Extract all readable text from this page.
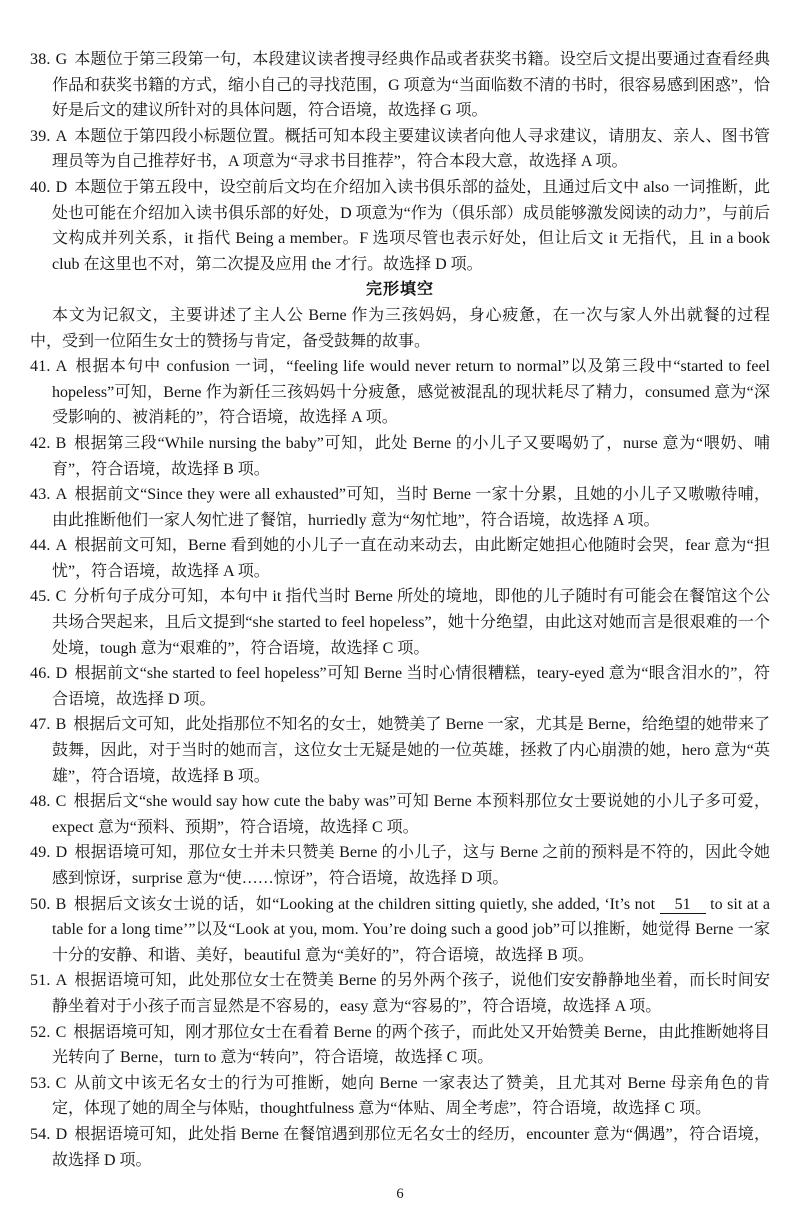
38. G 本题位于第三段第一句，本段建议读者搜寻经典作品或者获奖书籍。设空后文提出要通过查看经典作品和获奖书籍的方式，缩小自己的寻找范围，G 项意为“当面临数不清的书时，很容易感到困惑”，恰好是后文的建议所针对的具体问题，符合语境，故选择 G 项。
39. A 本题位于第四段小标题位置。概括可知本段主要建议读者向他人寻求建议，请朋友、亲人、图书管理员等为自己推荐好书，A 项意为“寻求书目推荐”，符合本段大意，故选择 A 项。
40. D 本题位于第五段中，设空前后文均在介绍加入读书俱乐部的益处，且通过后文中 also 一词推断，此处也可能在介绍加入读书俱乐部的好处，D 项意为“作为（俱乐部）成员能够激发阅读的动力”，与前后文构成并列关系，it 指代 Being a member。F 选项尽管也表示好处，但让后文 it 无指代，且 in a book club 在这里也不对，第二次提及应用 the 才行。故选择 D 项。
完形填空
本文为记叙文，主要讲述了主人公 Berne 作为三孩妈妈，身心疲惫，在一次与家人外出就餐的过程中，受到一位陌生女士的赞扬与肯定，备受鼓舞的故事。
41. A 根据本句中 confusion 一词，“feeling life would never return to normal”以及第三段中“started to feel hopeless”可知，Berne 作为新任三孩妈妈十分疲惫，感觉被混乱的现状耗尽了精力，consumed 意为“深受影响的、被消耗的”，符合语境，故选择 A 项。
42. B 根据第三段“While nursing the baby”可知，此处 Berne 的小儿子又要喝奶了，nurse 意为“喂奶、哺育”，符合语境，故选择 B 项。
43. A 根据前文“Since they were all exhausted”可知，当时 Berne 一家十分累，且她的小儿子又嗷嗷待哺，由此推断他们一家人匆忙进了餐馆，hurriedly 意为“匆忙地”，符合语境，故选择 A 项。
44. A 根据前文可知，Berne 看到她的小儿子一直在动来动去，由此断定她担心他随时会哭，fear 意为“担忧”，符合语境，故选择 A 项。
45. C 分析句子成分可知，本句中 it 指代当时 Berne 所处的境地，即他的儿子随时有可能会在餐馆这个公共场合哭起来，且后文提到“she started to feel hopeless”，她十分绝望，由此这对她而言是很艰难的一个处境，tough 意为“艰难的”，符合语境，故选择 C 项。
46. D 根据前文“she started to feel hopeless”可知 Berne 当时心情很糟糕，teary-eyed 意为“眼含泪水的”，符合语境，故选择 D 项。
47. B 根据后文可知，此处指那位不知名的女士，她赞美了 Berne 一家，尤其是 Berne，给绝望的她带来了鼓舞，因此，对于当时的她而言，这位女士无疑是她的一位英雄，拯救了内心崩溃的她，hero 意为“英雄”，符合语境，故选择 B 项。
48. C 根据后文“she would say how cute the baby was”可知 Berne 本预料那位女士要说她的小儿子多可爱，expect 意为“预料、预期”，符合语境，故选择 C 项。
49. D 根据语境可知，那位女士并未只赞美 Berne 的小儿子，这与 Berne 之前的预料是不符的，因此令她感到惊讶，surprise 意为“使……惊讶”，符合语境，故选择 D 项。
50. B 根据后文该女士说的话，如“Looking at the children sitting quietly, she added, ‘It’s not 51 to sit at a table for a long time’”以及“Look at you, mom. You’re doing such a good job”可以推断，她觉得 Berne 一家十分的安静、和谐、美好，beautiful 意为“美好的”，符合语境，故选择 B 项。
51. A 根据语境可知，此处那位女士在赞美 Berne 的另外两个孩子，说他们安安静静地坐着，而长时间安静坐着对于小孩子而言显然是不容易的，easy 意为“容易的”，符合语境，故选择 A 项。
52. C 根据语境可知，刚才那位女士在看着 Berne 的两个孩子，而此处又开始赞美 Berne，由此推断她将目光转向了 Berne，turn to 意为“转向”，符合语境，故选择 C 项。
53. C 从前文中该无名女士的行为可推断，她向 Berne 一家表达了赞美，且尤其对 Berne 母亲角色的肯定，体现了她的周全与体贴，thoughtfulness 意为“体贴、周全考虑”，符合语境，故选择 C 项。
54. D 根据语境可知，此处指 Berne 在餐馆遇到那位无名女士的经历，encounter 意为“偶遇”，符合语境，故选择 D 项。
6
